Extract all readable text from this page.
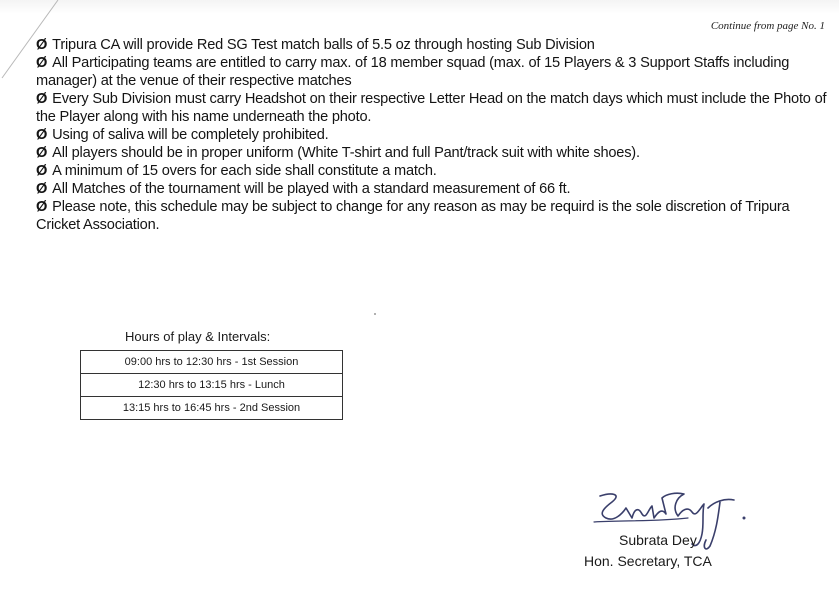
Continue from page No. 1
Ø Tripura CA will provide Red SG Test match balls of 5.5 oz through hosting Sub Division
Ø All Participating teams are entitled to carry max. of 18 member squad (max. of 15 Players & 3 Support Staffs including manager) at the venue of their respective matches
Ø Every Sub Division must carry Headshot on their respective Letter Head on the match days which must include the Photo of the Player along with his name underneath the photo.
Ø Using of saliva will be completely prohibited.
Ø All players should be in proper uniform (White T-shirt and full Pant/track suit with white shoes).
Ø A minimum of 15 overs for each side shall constitute a match.
Ø All Matches of the tournament will be played with a standard measurement of 66 ft.
Ø Please note, this schedule may be subject to change for any reason as may be requird is the sole discretion of Tripura Cricket Association.
Hours of play & Intervals:
09:00 hrs to 12:30 hrs - 1st Session
12:30 hrs to 13:15 hrs - Lunch
13:15 hrs to 16:45 hrs - 2nd Session
Subrata Dey
Hon. Secretary, TCA
